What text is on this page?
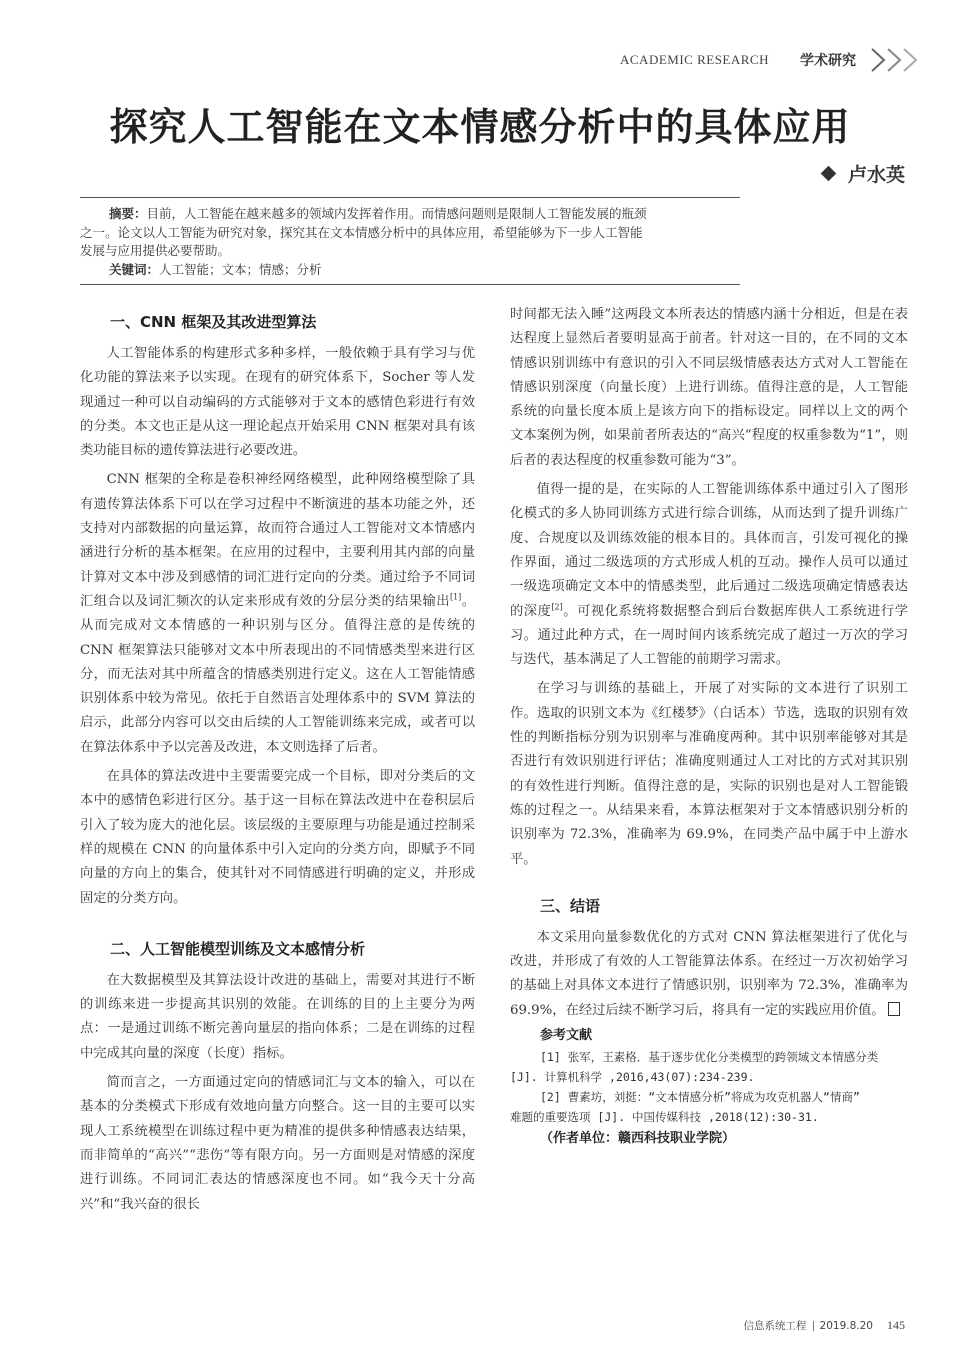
ACADEMIC RESEARCH 学术研究
探究人工智能在文本情感分析中的具体应用
卢水英

摘要：目前，人工智能在越来越多的领域内发挥着作用。而情感问题则是限制人工智能发展的瓶颈

之一。论文以人工智能为研究对象，探究其在文本情感分析中的具体应用，希望能够为下一步人工智能

发展与应用提供必要帮助。

关键词：人工智能；文本；情感；分析

一、CNN 框架及其改进型算法

人工智能体系的构建形式多种多样，一般依赖于具有学习与优化功能的算法来予以实现。在现有的研究体系下，Socher 等人发现通过一种可以自动编码的方式能够对于文本的感情色彩进行有效的分类。本文也正是从这一理论起点开始采用 CNN 框架对具有该类功能目标的遗传算法进行必要改进。

CNN 框架的全称是卷积神经网络模型，此种网络模型除了具有遗传算法体系下可以在学习过程中不断演进的基本功能之外，还支持对内部数据的向量运算，故而符合通过人工智能对文本情感内涵进行分析的基本框架。在应用的过程中，主要利用其内部的向量计算对文本中涉及到感情的词汇进行定向的分类。通过给予不同词汇组合以及词汇频次的认定来形成有效的分层分类的结果输出[1]。从而完成对文本情感的一种识别与区分。值得注意的是传统的 CNN 框架算法只能够对文本中所表现出的不同情感类型来进行区分，而无法对其中所蕴含的情感类别进行定义。这在人工智能情感识别体系中较为常见。依托于自然语言处理体系中的 SVM 算法的启示，此部分内容可以交由后续的人工智能训练来完成，或者可以在算法体系中予以完善及改进，本文则选择了后者。

在具体的算法改进中主要需要完成一个目标，即对分类后的文本中的感情色彩进行区分。基于这一目标在算法改进中在卷积层后引入了较为庞大的池化层。该层级的主要原理与功能是通过控制采样的规模在 CNN 的向量体系中引入定向的分类方向，即赋予不同向量的方向上的集合，使其针对不同情感进行明确的定义，并形成固定的分类方向。

二、人工智能模型训练及文本感情分析

在大数据模型及其算法设计改进的基础上，需要对其进行不断的训练来进一步提高其识别的效能。在训练的目的上主要分为两点：一是通过训练不断完善向量层的指向体系；二是在训练的过程中完成其向量的深度（长度）指标。

简而言之，一方面通过定向的情感词汇与文本的输入，可以在基本的分类模式下形成有效地向量方向整合。这一目的主要可以实现人工系统模型在训练过程中更为精准的提供多种情感表达结果，而非简单的“高兴”“悲伤”等有限方向。另一方面则是对情感的深度进行训练。不同词汇表达的情感深度也不同。如“我今天十分高兴”和“我兴奋的很长

时间都无法入睡”这两段文本所表达的情感内涵十分相近，但是在表达程度上显然后者要明显高于前者。针对这一目的，在不同的文本情感识别训练中有意识的引入不同层级情感表达方式对人工智能在情感识别深度（向量长度）上进行训练。值得注意的是，人工智能系统的向量长度本质上是该方向下的指标设定。同样以上文的两个文本案例为例，如果前者所表达的“高兴”程度的权重参数为“1”，则后者的表达程度的权重参数可能为“3”。

值得一提的是，在实际的人工智能训练体系中通过引入了图形化模式的多人协同训练方式进行综合训练，从而达到了提升训练广度、合规度以及训练效能的根本目的。具体而言，引发可视化的操作界面，通过二级选项的方式形成人机的互动。操作人员可以通过一级选项确定文本中的情感类型，此后通过二级选项确定情感表达的深度[2]。可视化系统将数据整合到后台数据库供人工系统进行学习。通过此种方式，在一周时间内该系统完成了超过一万次的学习与迭代，基本满足了人工智能的前期学习需求。

在学习与训练的基础上，开展了对实际的文本进行了识别工作。选取的识别文本为《红楼梦》（白话本）节选，选取的识别有效性的判断指标分别为识别率与准确度两种。其中识别率能够对其是否进行有效识别进行评估；准确度则通过人工对比的方式对其识别的有效性进行判断。值得注意的是，实际的识别也是对人工智能锻炼的过程之一。从结果来看，本算法框架对于文本情感识别分析的识别率为 72.3%，准确率为 69.9%，在同类产品中属于中上游水平。

三、结语

本文采用向量参数优化的方式对 CNN 算法框架进行了优化与改进，并形成了有效的人工智能算法体系。在经过一万次初始学习的基础上对具体文本进行了情感识别，识别率为 72.3%，准确率为 69.9%，在经过后续不断学习后，将具有一定的实践应用价值。

参考文献
[1] 张军，王素格．基于逐步优化分类模型的跨领域文本情感分类
[J]. 计算机科学 ,2016,43(07):234-239.
[2] 曹素坊，刘挺：“文本情感分析”将成为攻克机器人“情商”
难题的重要选项 [J]. 中国传媒科技 ,2018(12):30-31.
（作者单位：赣西科技职业学院）
信息系统工程 2019.8.20 145
